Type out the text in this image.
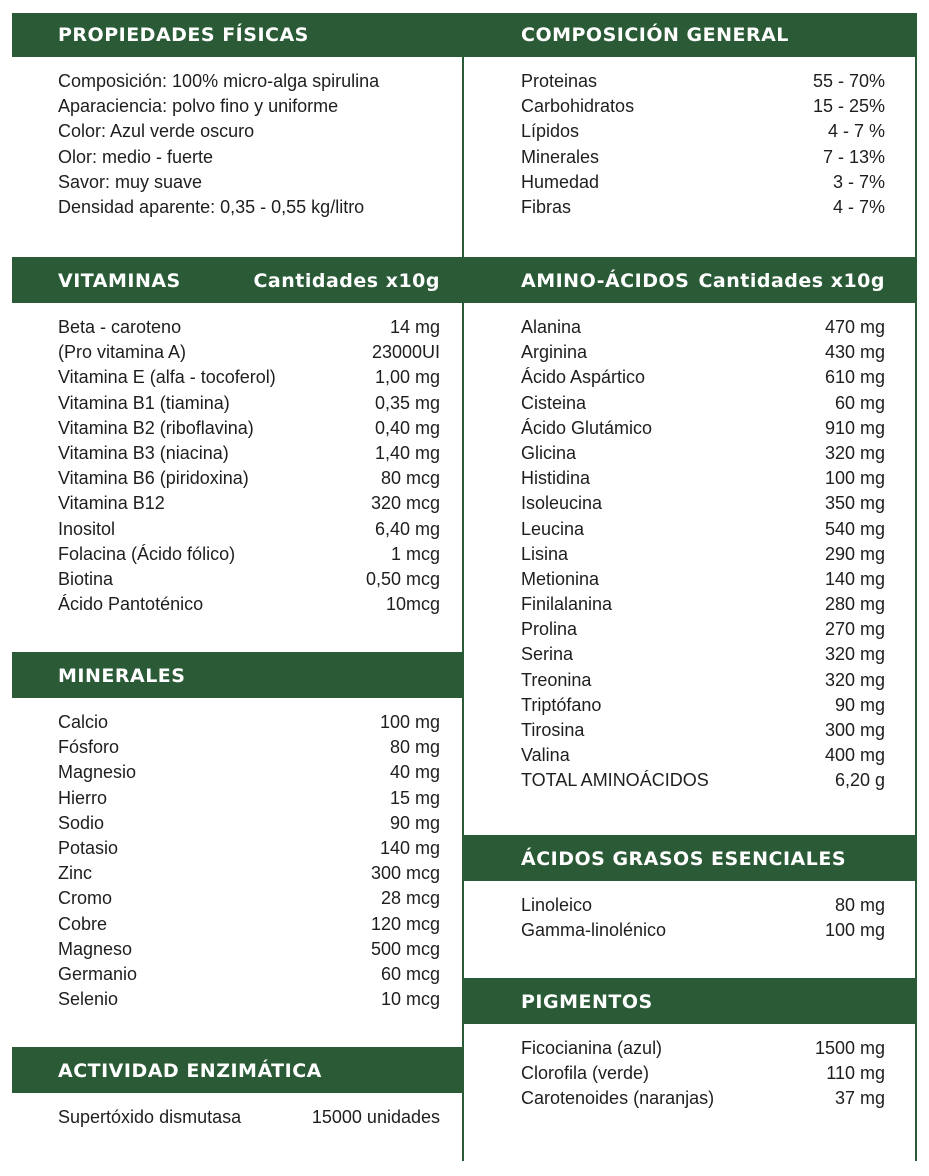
PROPIEDADES FÍSICAS
Composición: 100% micro-alga spirulina
Aparaciencia: polvo fino y uniforme
Color: Azul verde oscuro
Olor: medio - fuerte
Savor: muy suave
Densidad aparente: 0,35 - 0,55 kg/litro
VITAMINAS	Cantidades x10g
Beta - caroteno	14 mg
(Pro vitamina A)	23000UI
Vitamina E (alfa - tocoferol)	1,00 mg
Vitamina B1 (tiamina)	0,35 mg
Vitamina B2 (riboflavina)	0,40 mg
Vitamina B3 (niacina)	1,40 mg
Vitamina B6 (piridoxina)	80 mcg
Vitamina B12	320 mcg
Inositol	6,40 mg
Folacina (Ácido fólico)	1 mcg
Biotina	0,50 mcg
Ácido Pantoténico	10mcg
MINERALES
Calcio	100 mg
Fósforo	80 mg
Magnesio	40 mg
Hierro	15 mg
Sodio	90 mg
Potasio	140 mg
Zinc	300 mcg
Cromo	28 mcg
Cobre	120 mcg
Magneso	500 mcg
Germanio	60 mcg
Selenio	10 mcg
ACTIVIDAD ENZIMÁTICA
Supertóxido dismutasa	15000 unidades
COMPOSICIÓN GENERAL
Proteinas	55 - 70%
Carbohidratos	15 - 25%
Lípidos	4 - 7 %
Minerales	7 - 13%
Humedad	3 - 7%
Fibras	4 - 7%
AMINO-ÁCIDOS Cantidades x10g
Alanina	470 mg
Arginina	430 mg
Ácido Aspártico	610 mg
Cisteina	60 mg
Ácido Glutámico	910 mg
Glicina	320 mg
Histidina	100 mg
Isoleucina	350 mg
Leucina	540 mg
Lisina	290 mg
Metionina	140 mg
Finilalanina	280 mg
Prolina	270 mg
Serina	320 mg
Treonina	320 mg
Triptófano	90 mg
Tirosina	300 mg
Valina	400 mg
TOTAL AMINOÁCIDOS	6,20 g
ÁCIDOS GRASOS ESENCIALES
Linoleico	80 mg
Gamma-linolénico	100 mg
PIGMENTOS
Ficocianina (azul)	1500 mg
Clorofila (verde)	110 mg
Carotenoides (naranjas)	37 mg
